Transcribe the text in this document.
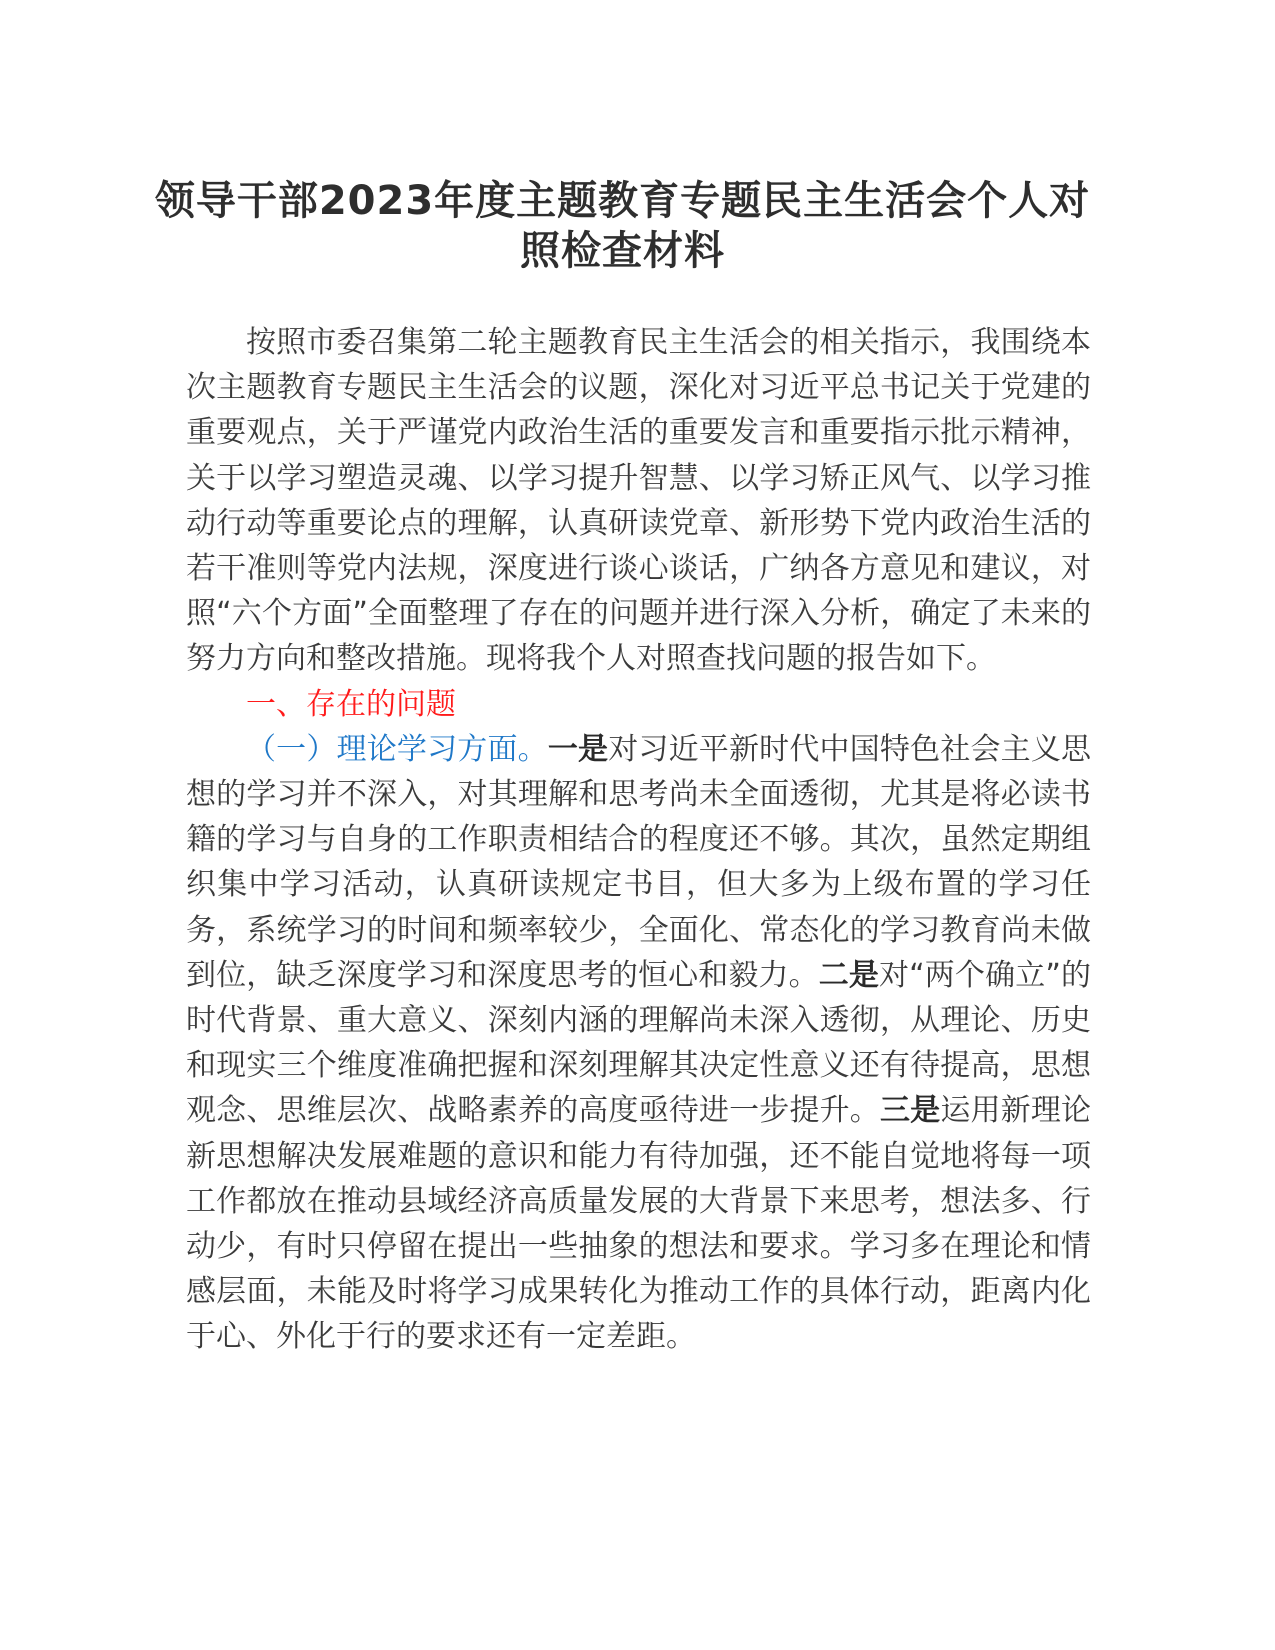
领导干部2023年度主题教育专题民主生活会个人对照检查材料

按照市委召集第二轮主题教育民主生活会的相关指示，我围绕本次主题教育专题民主生活会的议题，深化对习近平总书记关于党建的重要观点，关于严谨党内政治生活的重要发言和重要指示批示精神，关于以学习塑造灵魂、以学习提升智慧、以学习矫正风气、以学习推动行动等重要论点的理解，认真研读党章、新形势下党内政治生活的若干准则等党内法规，深度进行谈心谈话，广纳各方意见和建议，对照“六个方面”全面整理了存在的问题并进行深入分析，确定了未来的努力方向和整改措施。现将我个人对照查找问题的报告如下。

一、存在的问题

（一）理论学习方面。一是对习近平新时代中国特色社会主义思想的学习并不深入，对其理解和思考尚未全面透彻，尤其是将必读书籍的学习与自身的工作职责相结合的程度还不够。其次，虽然定期组织集中学习活动，认真研读规定书目，但大多为上级布置的学习任务，系统学习的时间和频率较少，全面化、常态化的学习教育尚未做到位，缺乏深度学习和深度思考的恒心和毅力。二是对“两个确立”的时代背景、重大意义、深刻内涵的理解尚未深入透彻，从理论、历史和现实三个维度准确把握和深刻理解其决定性意义还有待提高，思想观念、思维层次、战略素养的高度亟待进一步提升。三是运用新理论新思想解决发展难题的意识和能力有待加强，还不能自觉地将每一项工作都放在推动县域经济高质量发展的大背景下来思考，想法多、行动少，有时只停留在提出一些抽象的想法和要求。学习多在理论和情感层面，未能及时将学习成果转化为推动工作的具体行动，距离内化于心、外化于行的要求还有一定差距。
